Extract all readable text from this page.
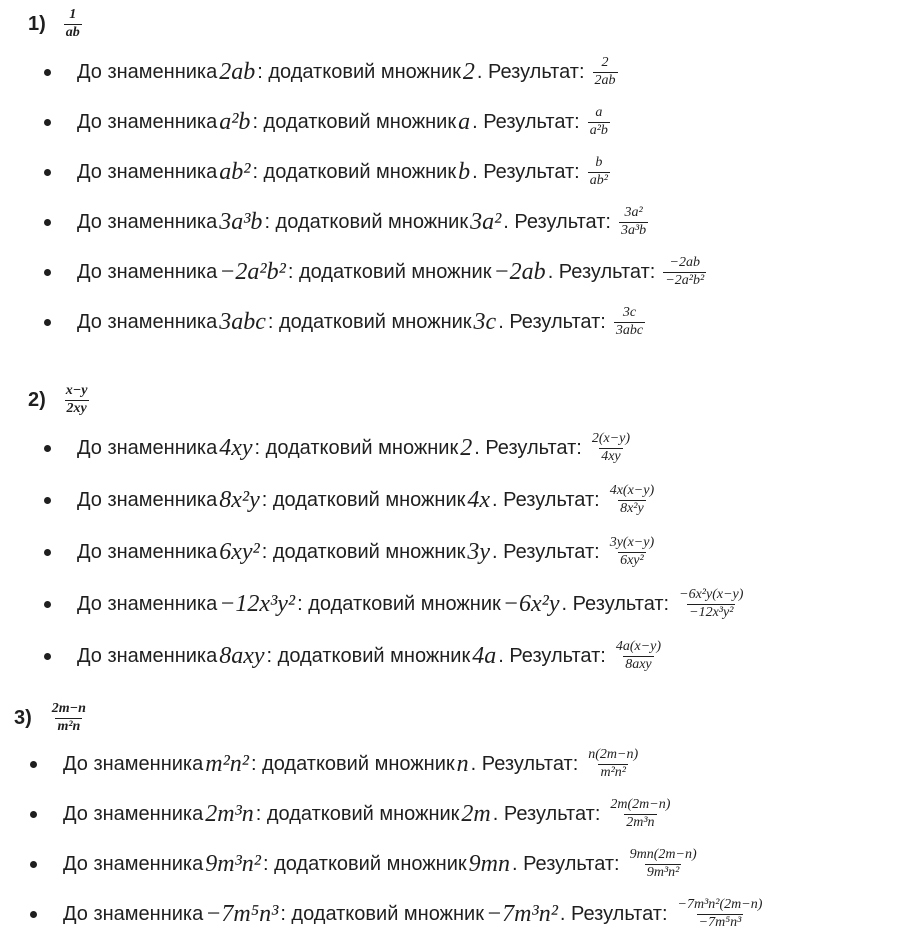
$1) \frac{1}{ab}$
До знаменника 2ab : додатковий множник 2 . Результат: $\frac{2}{2ab}$
До знаменника a²b : додатковий множник a . Результат: $\frac{a}{\text{a²b}}$
До знаменника ab² : додатковий множник b . Результат: $\frac{b}{\text{ab²}}$
До знаменника 3a³b : додатковий множник 3a² . Результат: $\frac{\text{3a²}}{\text{3a³b}}$
До знаменника −2a²b² : додатковий множник −2ab . Результат: $\frac{-2ab}{\text{−2a²b²}}$
До знаменника 3abc : додатковий множник 3c . Результат: $\frac{3c}{\text{3abc}}$
$2) \frac{x-y}{2xy}$
До знаменника 4xy : додатковий множник 2 . Результат: $\frac{2(x-y)}{4xy}$
До знаменника 8x²y : додатковий множник 4x . Результат: $\frac{4x(x-y)}{\text{8x²y}}$
До знаменника 6xy² : додатковий множник 3y . Результат: $\frac{3y(x-y)}{\text{6xy²}}$
До знаменника −12x³y² : додатковий множник −6x²y . Результат: $\frac{\text{−6x²y(x−y)}}{\text{−12x³y²}}$
До знаменника 8axy : додатковий множник 4a . Результат: $\frac{4a(x-y)}{\text{8axy}}$
$3) \frac{2m-n}{\text{m²n}}$
До знаменника m²n² : додатковий множник n . Результат: $\frac{n(2m-n)}{\text{m²n²}}$
До знаменника 2m³n : додатковий множник 2m . Результат: $\frac{2m(2m-n)}{\text{2m³n}}$
До знаменника 9m³n² : додатковий множник 9mn . Результат: $\frac{9mn(2m-n)}{\text{9m³n²}}$
До знаменника −7m⁵n³ : додатковий множник −7m³n² . Результат: $\frac{\text{−7m³n²(2m−n)}}{\text{−7m⁵n³}}$
